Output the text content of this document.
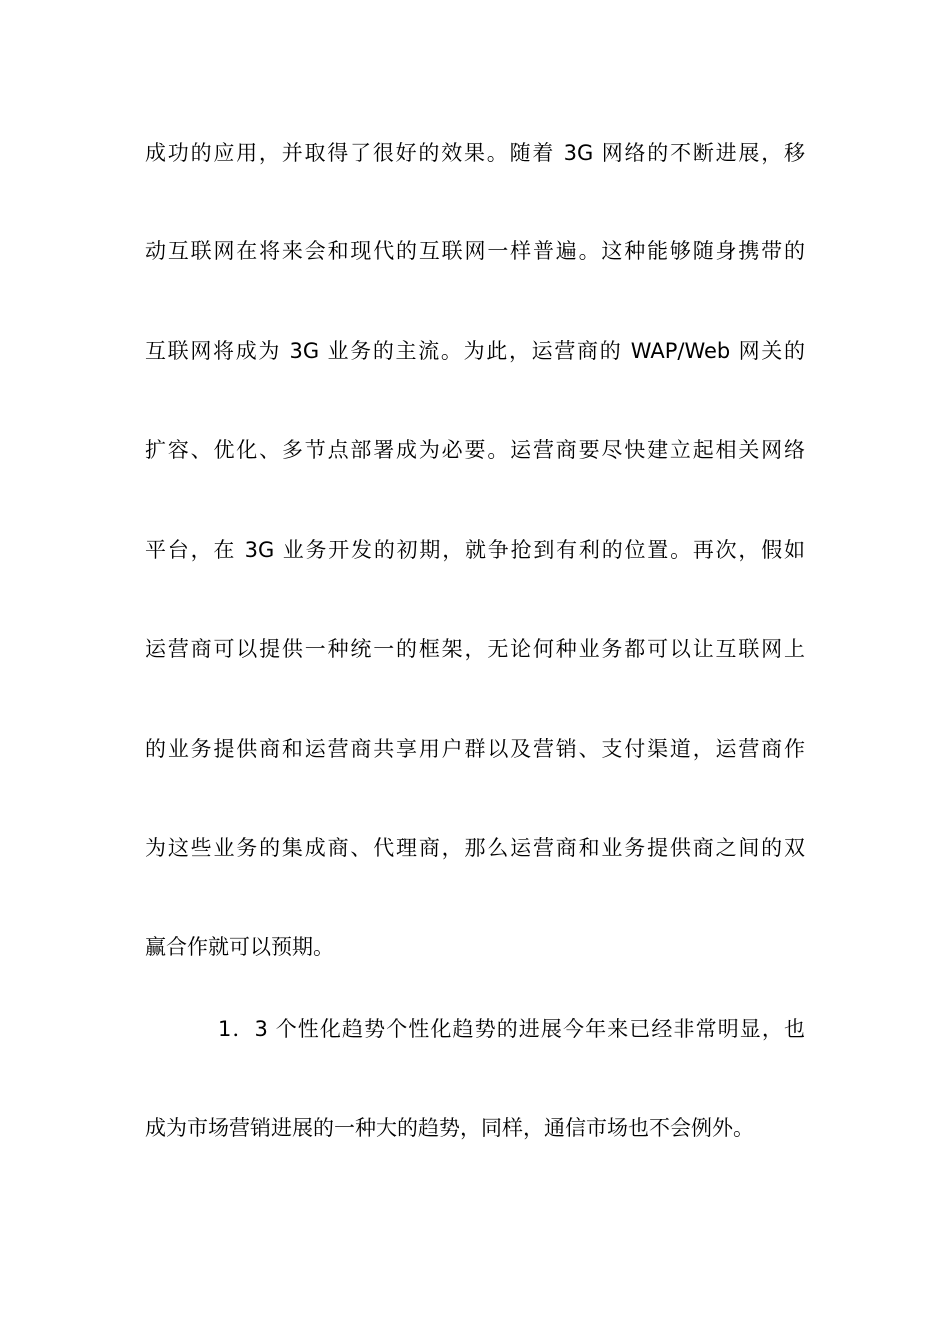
成功的应用，并取得了很好的效果。随着 3G 网络的不断进展，移
动互联网在将来会和现代的互联网一样普遍。这种能够随身携带的
互联网将成为 3G 业务的主流。为此，运营商的 WAP/Web 网关的
扩容、优化、多节点部署成为必要。运营商要尽快建立起相关网络
平台，在 3G 业务开发的初期，就争抢到有利的位置。再次，假如
运营商可以提供一种统一的框架，无论何种业务都可以让互联网上
的业务提供商和运营商共享用户群以及营销、支付渠道，运营商作
为这些业务的集成商、代理商，那么运营商和业务提供商之间的双
赢合作就可以预期。
1．3 个性化趋势个性化趋势的进展今年来已经非常明显，也
成为市场营销进展的一种大的趋势，同样，通信市场也不会例外。
